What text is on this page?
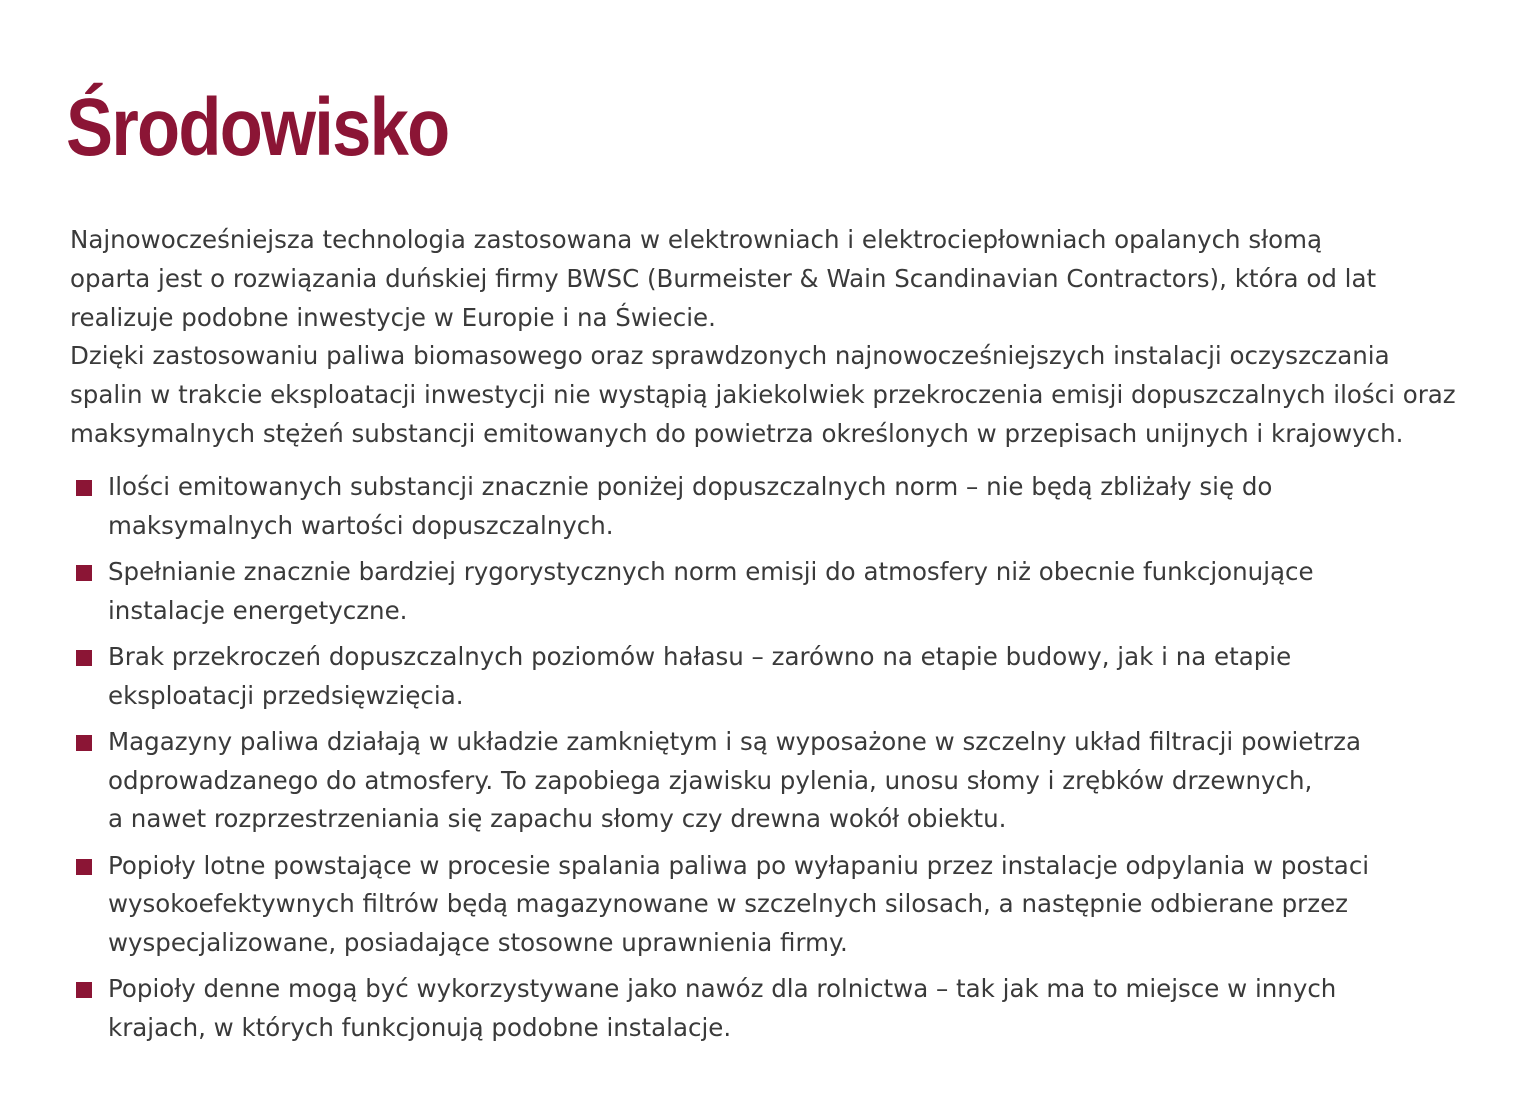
Środowisko

Najnowocześniejsza technologia zastosowana w elektrowniach i elektrociepłowniach opalanych słomą

oparta jest o rozwiązania duńskiej firmy BWSC (Burmeister & Wain Scandinavian Contractors), która od lat

realizuje podobne inwestycje w Europie i na Świecie.

Dzięki zastosowaniu paliwa biomasowego oraz sprawdzonych najnowocześniejszych instalacji oczyszczania

spalin w trakcie eksploatacji inwestycji nie wystąpią jakiekolwiek przekroczenia emisji dopuszczalnych ilości oraz

maksymalnych stężeń substancji emitowanych do powietrza określonych w przepisach unijnych i krajowych.

Ilości emitowanych substancji znacznie poniżej dopuszczalnych norm – nie będą zbliżały się do
maksymalnych wartości dopuszczalnych.
Spełnianie znacznie bardziej rygorystycznych norm emisji do atmosfery niż obecnie funkcjonujące
instalacje energetyczne.
Brak przekroczeń dopuszczalnych poziomów hałasu – zarówno na etapie budowy, jak i na etapie
eksploatacji przedsięwzięcia.
Magazyny paliwa działają w układzie zamkniętym i są wyposażone w szczelny układ filtracji powietrza
odprowadzanego do atmosfery. To zapobiega zjawisku pylenia, unosu słomy i zrębków drzewnych,
a nawet rozprzestrzeniania się zapachu słomy czy drewna wokół obiektu.
Popioły lotne powstające w procesie spalania paliwa po wyłapaniu przez instalacje odpylania w postaci
wysokoefektywnych filtrów będą magazynowane w szczelnych silosach, a następnie odbierane przez
wyspecjalizowane, posiadające stosowne uprawnienia firmy.
Popioły denne mogą być wykorzystywane jako nawóz dla rolnictwa – tak jak ma to miejsce w innych
krajach, w których funkcjonują podobne instalacje.
